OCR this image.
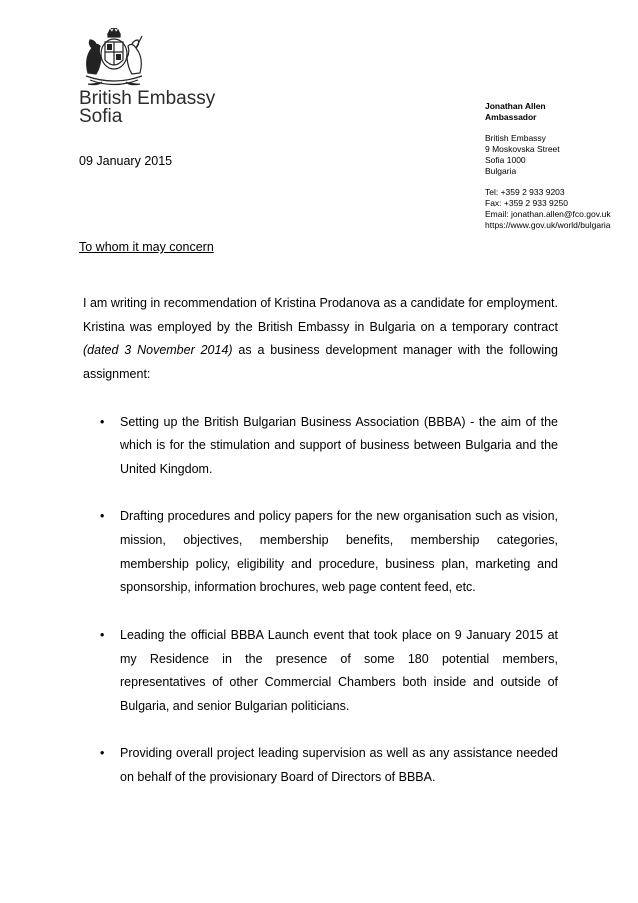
British Embassy
Sofia	Jonathan Allen
Ambassador
British Embassy
9 Moskovska Street
Sofia 1000
Bulgaria
Tel: +359 2 933 9203
Fax: +359 2 933 9250
Email: jonathan.allen@fco.gov.uk
https://www.gov.uk/world/bulgaria
09 January 2015
To whom it may concern

I am writing in recommendation of Kristina Prodanova as a candidate for employment. Kristina was employed by the British Embassy in Bulgaria on a temporary contract (dated 3 November 2014) as a business development manager with the following assignment:

•	Setting up the British Bulgarian Business Association (BBBA) - the aim of the which is for the stimulation and support of business between Bulgaria and the United Kingdom.
•	Drafting procedures and policy papers for the new organisation such as vision, mission, objectives, membership benefits, membership categories, membership policy, eligibility and procedure, business plan, marketing and sponsorship, information brochures, web page content feed, etc.
•	Leading the official BBBA Launch event that took place on 9 January 2015 at my Residence in the presence of some 180 potential members, representatives of other Commercial Chambers both inside and outside of Bulgaria, and senior Bulgarian politicians.
•	Providing overall project leading supervision as well as any assistance needed on behalf of the provisionary Board of Directors of BBBA.
